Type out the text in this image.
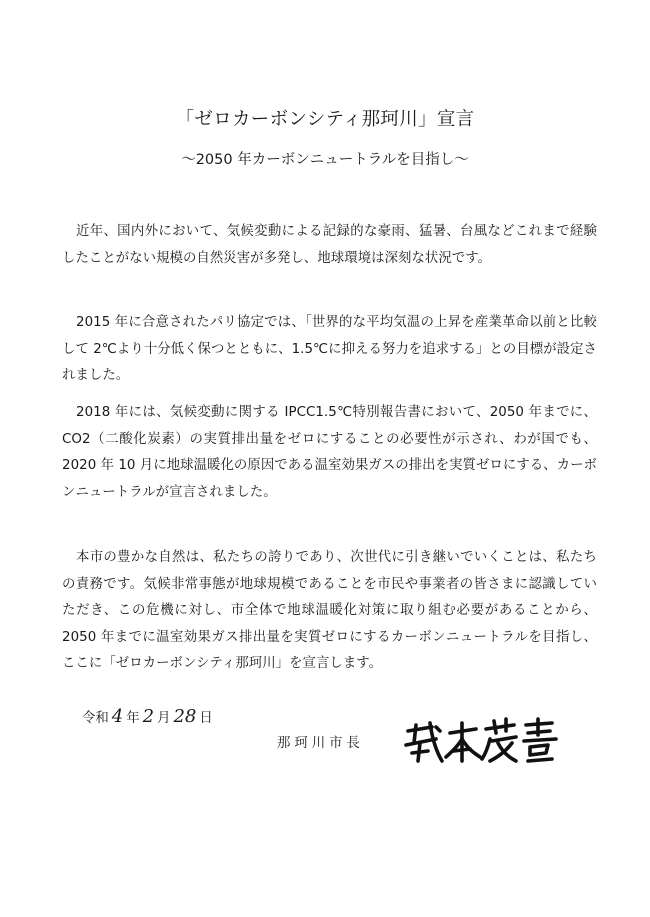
「ゼロカーボンシティ那珂川」宣言
～2050 年カーボンニュートラルを目指し～

近年、国内外において、気候変動による記録的な豪雨、猛暑、台風などこれまで経験したことがない規模の自然災害が多発し、地球環境は深刻な状況です。

2015 年に合意されたパリ協定では、「世界的な平均気温の上昇を産業革命以前と比較して 2℃より十分低く保つとともに、1.5℃に抑える努力を追求する」との目標が設定されました。

2018 年には、気候変動に関する IPCC1.5℃特別報告書において、2050 年までに、CO2（二酸化炭素）の実質排出量をゼロにすることの必要性が示され、わが国でも、2020 年 10 月に地球温暖化の原因である温室効果ガスの排出を実質ゼロにする、カーボンニュートラルが宣言されました。

本市の豊かな自然は、私たちの誇りであり、次世代に引き継いでいくことは、私たちの責務です。気候非常事態が地球規模であることを市民や事業者の皆さまに認識していただき、この危機に対し、市全体で地球温暖化対策に取り組む必要があることから、2050 年までに温室効果ガス排出量を実質ゼロにするカーボンニュートラルを目指し、ここに「ゼロカーボンシティ那珂川」を宣言します。

令和 4 年 2 月 28 日
那珂川市長
